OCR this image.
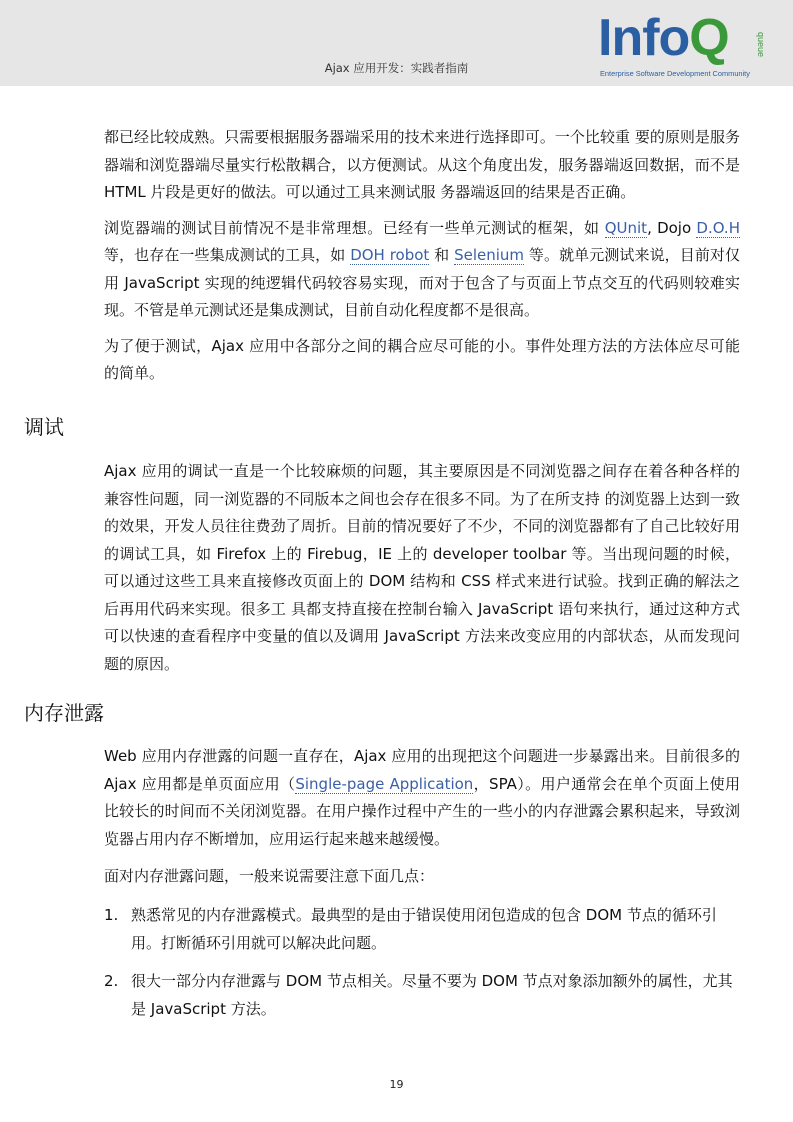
Ajax 应用开发：实践者指南
InfoQ	queue
Enterprise Software Development Community

都已经比较成熟。只需要根据服务器端采用的技术来进行选择即可。一个比较重 要的原则是服务器端和浏览器端尽量实行松散耦合，以方便测试。从这个角度出发，服务器端返回数据，而不是 HTML 片段是更好的做法。可以通过工具来测试服 务器端返回的结果是否正确。

浏览器端的测试目前情况不是非常理想。已经有一些单元测试的框架，如 QUnit, Dojo D.O.H 等，也存在一些集成测试的工具，如 DOH robot 和 Selenium 等。就单元测试来说，目前对仅用 JavaScript 实现的纯逻辑代码较容易实现，而对于包含了与页面上节点交互的代码则较难实现。不管是单元测试还是集成测试，目前自动化程度都不是很高。

为了便于测试，Ajax 应用中各部分之间的耦合应尽可能的小。事件处理方法的方法体应尽可能的简单。

调试

Ajax 应用的调试一直是一个比较麻烦的问题，其主要原因是不同浏览器之间存在着各种各样的兼容性问题，同一浏览器的不同版本之间也会存在很多不同。为了在所支持 的浏览器上达到一致的效果，开发人员往往费劲了周折。目前的情况要好了不少，不同的浏览器都有了自己比较好用的调试工具，如 Firefox 上的 Firebug，IE 上的 developer toolbar 等。当出现问题的时候，可以通过这些工具来直接修改页面上的 DOM 结构和 CSS 样式来进行试验。找到正确的解法之后再用代码来实现。很多工 具都支持直接在控制台输入 JavaScript 语句来执行，通过这种方式可以快速的查看程序中变量的值以及调用 JavaScript 方法来改变应用的内部状态，从而发现问题的原因。

内存泄露

Web 应用内存泄露的问题一直存在，Ajax 应用的出现把这个问题进一步暴露出来。目前很多的 Ajax 应用都是单页面应用（Single-page Application，SPA）。用户通常会在单个页面上使用比较长的时间而不关闭浏览器。在用户操作过程中产生的一些小的内存泄露会累积起来，导致浏览器占用内存不断增加，应用运行起来越来越缓慢。

面对内存泄露问题，一般来说需要注意下面几点：

1. 熟悉常见的内存泄露模式。最典型的是由于错误使用闭包造成的包含 DOM 节点的循环引用。打断循环引用就可以解决此问题。
2. 很大一部分内存泄露与 DOM 节点相关。尽量不要为 DOM 节点对象添加额外的属性，尤其是 JavaScript 方法。
19
